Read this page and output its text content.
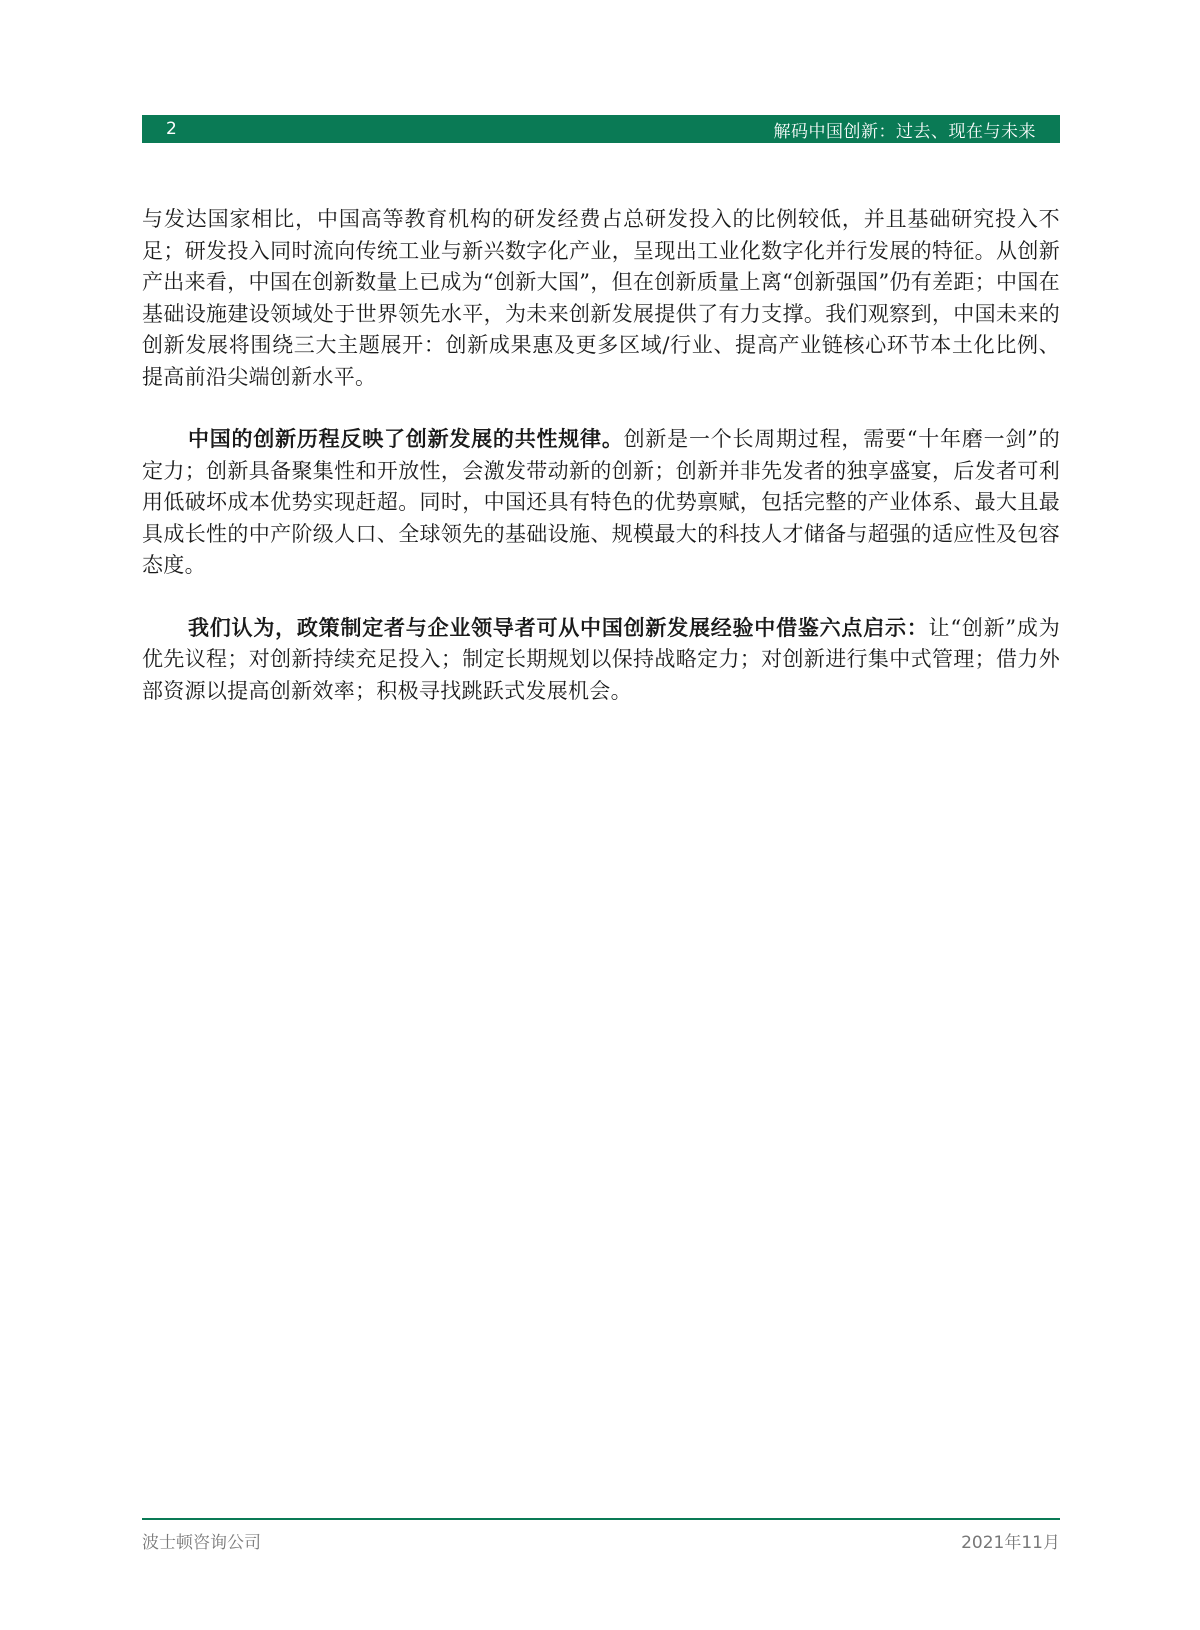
2	解码中国创新：过去、现在与未来

与发达国家相比，中国高等教育机构的研发经费占总研发投入的比例较低，并且基础研究投入不足；研发投入同时流向传统工业与新兴数字化产业，呈现出工业化数字化并行发展的特征。从创新产出来看，中国在创新数量上已成为“创新大国”，但在创新质量上离“创新强国”仍有差距；中国在基础设施建设领域处于世界领先水平，为未来创新发展提供了有力支撑。我们观察到，中国未来的创新发展将围绕三大主题展开：创新成果惠及更多区域/行业、提高产业链核心环节本土化比例、提高前沿尖端创新水平。

中国的创新历程反映了创新发展的共性规律。创新是一个长周期过程，需要“十年磨一剑”的定力；创新具备聚集性和开放性，会激发带动新的创新；创新并非先发者的独享盛宴，后发者可利用低破坏成本优势实现赶超。同时，中国还具有特色的优势禀赋，包括完整的产业体系、最大且最具成长性的中产阶级人口、全球领先的基础设施、规模最大的科技人才储备与超强的适应性及包容态度。

我们认为，政策制定者与企业领导者可从中国创新发展经验中借鉴六点启示：让“创新”成为优先议程；对创新持续充足投入；制定长期规划以保持战略定力；对创新进行集中式管理；借力外部资源以提高创新效率；积极寻找跳跃式发展机会。

波士顿咨询公司	2021年11月
